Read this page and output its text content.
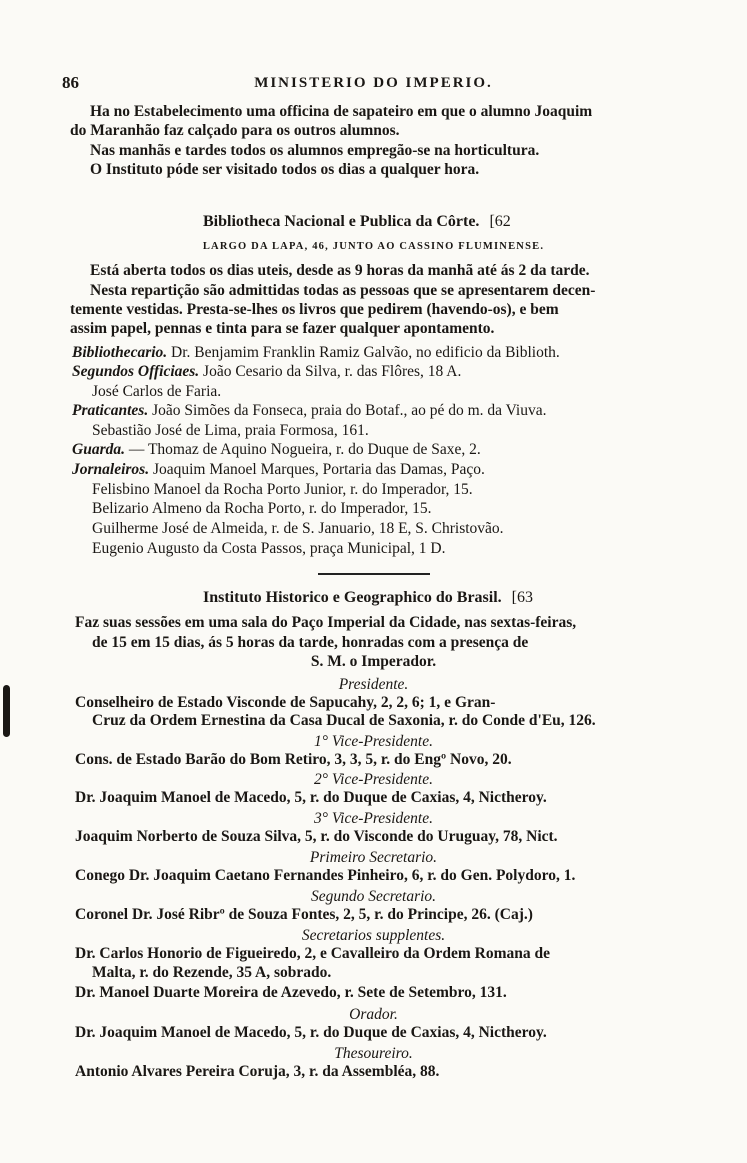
86	MINISTERIO DO IMPERIO.
Ha no Estabelecimento uma officina de sapateiro em que o alumno Joaquim
do Maranhão faz calçado para os outros alumnos.
Nas manhãs e tardes todos os alumnos empregão-se na horticultura.
O Instituto póde ser visitado todos os dias a qualquer hora.
Bibliotheca Nacional e Publica da Côrte. [62
LARGO DA LAPA, 46, JUNTO AO CASSINO FLUMINENSE.
Está aberta todos os dias uteis, desde as 9 horas da manhã até ás 2 da tarde.
Nesta repartição são admittidas todas as pessoas que se apresentarem decen-
temente vestidas. Presta-se-lhes os livros que pedirem (havendo-os), e bem
assim papel, pennas e tinta para se fazer qualquer apontamento.
Bibliothecario. Dr. Benjamim Franklin Ramiz Galvão, no edificio da Biblioth.
Segundos Officiaes. João Cesario da Silva, r. das Flôres, 18 A.
José Carlos de Faria.
Praticantes. João Simões da Fonseca, praia do Botaf., ao pé do m. da Viuva.
Sebastião José de Lima, praia Formosa, 161.
Guarda. — Thomaz de Aquino Nogueira, r. do Duque de Saxe, 2.
Jornaleiros. Joaquim Manoel Marques, Portaria das Damas, Paço.
Felisbino Manoel da Rocha Porto Junior, r. do Imperador, 15.
Belizario Almeno da Rocha Porto, r. do Imperador, 15.
Guilherme José de Almeida, r. de S. Januario, 18 E, S. Christovão.
Eugenio Augusto da Costa Passos, praça Municipal, 1 D.
Instituto Historico e Geographico do Brasil. [63
Faz suas sessões em uma sala do Paço Imperial da Cidade, nas sextas-feiras,
de 15 em 15 dias, ás 5 horas da tarde, honradas com a presença de
S. M. o Imperador.
Presidente.
Conselheiro de Estado Visconde de Sapucahy, 2, 2, 6; 1, e Gran-
Cruz da Ordem Ernestina da Casa Ducal de Saxonia, r. do Conde d'Eu, 126.
1° Vice-Presidente.
Cons. de Estado Barão do Bom Retiro, 3, 3, 5, r. do Engº Novo, 20.
2° Vice-Presidente.
Dr. Joaquim Manoel de Macedo, 5, r. do Duque de Caxias, 4, Nictheroy.
3° Vice-Presidente.
Joaquim Norberto de Souza Silva, 5, r. do Visconde do Uruguay, 78, Nict.
Primeiro Secretario.
Conego Dr. Joaquim Caetano Fernandes Pinheiro, 6, r. do Gen. Polydoro, 1.
Segundo Secretario.
Coronel Dr. José Ribrº de Souza Fontes, 2, 5, r. do Principe, 26. (Caj.)
Secretarios supplentes.
Dr. Carlos Honorio de Figueiredo, 2, e Cavalleiro da Ordem Romana de
Malta, r. do Rezende, 35 A, sobrado.
Dr. Manoel Duarte Moreira de Azevedo, r. Sete de Setembro, 131.
Orador.
Dr. Joaquim Manoel de Macedo, 5, r. do Duque de Caxias, 4, Nictheroy.
Thesoureiro.
Antonio Alvares Pereira Coruja, 3, r. da Assembléa, 88.
